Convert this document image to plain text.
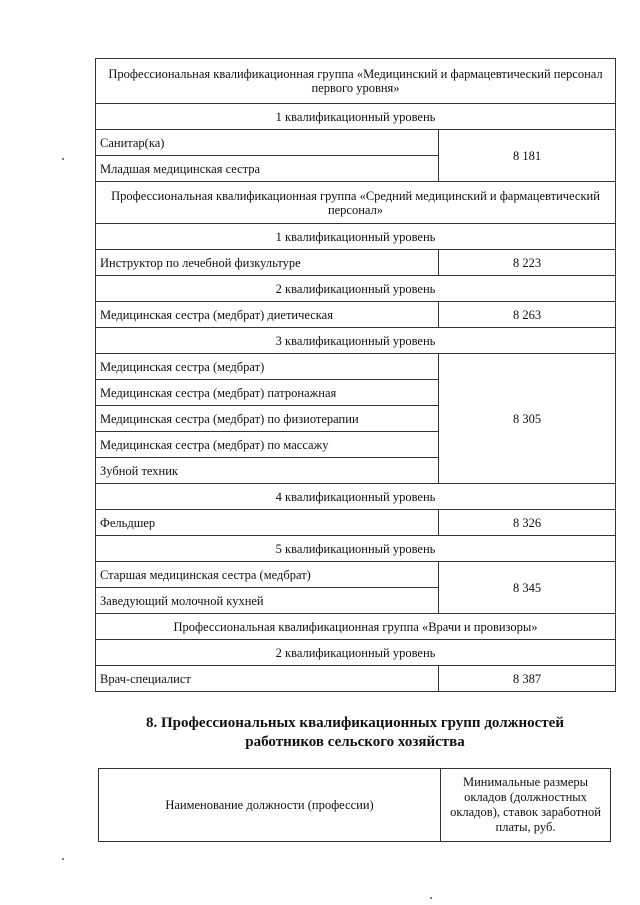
Профессиональная квалификационная группа «Медицинский и фармацевтический персонал первого уровня»	
1 квалификационный уровень	
Санитар(ка)	8 181
Младшая медицинская сестра	
Профессиональная квалификационная группа «Средний медицинский и фармацевтический персонал»	
1 квалификационный уровень	
Инструктор по лечебной физкультуре	8 223
2 квалификационный уровень	
Медицинская сестра (медбрат) диетическая	8 263
3 квалификационный уровень	
Медицинская сестра (медбрат)	8 305
Медицинская сестра (медбрат) патронажная	
Медицинская сестра (медбрат) по физиотерапии	
Медицинская сестра (медбрат) по массажу	
Зубной техник	
4 квалификационный уровень	
Фельдшер	8 326
5 квалификационный уровень	
Старшая медицинская сестра (медбрат)	8 345
Заведующий молочной кухней	
Профессиональная квалификационная группа «Врачи и провизоры»	
2 квалификационный уровень	
Врач-специалист	8 387
8. Профессиональных квалификационных групп должностей
работников сельского хозяйства
Наименование должности (профессии)	Минимальные размеры окладов (должностных окладов), ставок заработной платы, руб.
